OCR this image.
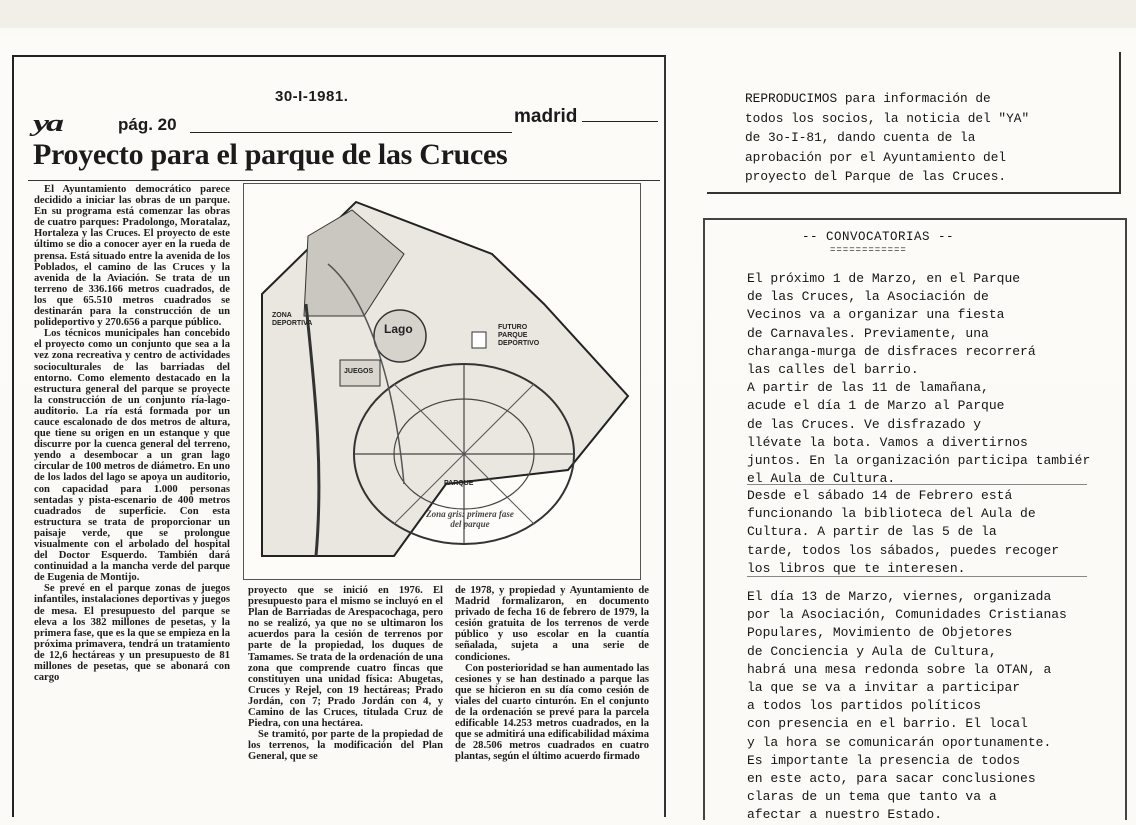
30-I-1981.
ya	pág. 20	madrid
Proyecto para el parque de las Cruces

El Ayuntamiento democrático parece decidido a iniciar las obras de un parque. En su programa está comenzar las obras de cuatro parques: Pradolongo, Moratalaz, Hortaleza y las Cruces. El proyecto de este último se dio a conocer ayer en la rueda de prensa. Está situado entre la avenida de los Poblados, el camino de las Cruces y la avenida de la Aviación. Se trata de un terreno de 336.166 metros cuadrados, de los que 65.510 metros cuadrados se destinarán para la construcción de un polideportivo y 270.656 a parque público.

Los técnicos municipales han concebido el proyecto como un conjunto que sea a la vez zona recreativa y centro de actividades socioculturales de las barriadas del entorno. Como elemento destacado en la estructura general del parque se proyecte la construcción de un conjunto ría-lago-auditorio. La ría está formada por un cauce escalonado de dos metros de altura, que tiene su origen en un estanque y que discurre por la cuenca general del terreno, yendo a desembocar a un gran lago circular de 100 metros de diámetro. En uno de los lados del lago se apoya un auditorio, con capacidad para 1.000 personas sentadas y pista-escenario de 400 metros cuadrados de superficie. Con esta estructura se trata de proporcionar un paisaje verde, que se prolongue visualmente con el arbolado del hospital del Doctor Esquerdo. También dará continuidad a la mancha verde del parque de Eugenia de Montijo.

Se prevé en el parque zonas de juegos infantiles, instalaciones deportivas y juegos de mesa. El presupuesto del parque se eleva a los 382 millones de pesetas, y la primera fase, que es la que se empieza en la próxima primavera, tendrá un tratamiento de 12,6 hectáreas y un presupuesto de 81 millones de pesetas, que se abonará con cargo

Lago
ZONA DEPORTIVA
JUEGOS
FUTURO PARQUE DEPORTIVO
PARQUE
Zona gris: primera fase del parque

proyecto que se inició en 1976. El presupuesto para el mismo se incluyó en el Plan de Barriadas de Arespacochaga, pero no se realizó, ya que no se ultimaron los acuerdos para la cesión de terrenos por parte de la propiedad, los duques de Tamames. Se trata de la ordenación de una zona que comprende cuatro fincas que constituyen una unidad física: Abugetas, Cruces y Rejel, con 19 hectáreas; Prado Jordán, con 7; Prado Jordán con 4, y Camino de las Cruces, titulada Cruz de Piedra, con una hectárea.

Se tramitó, por parte de la propiedad de los terrenos, la modificación del Plan General, que se

de 1978, y propiedad y Ayuntamiento de Madrid formalizaron, en documento privado de fecha 16 de febrero de 1979, la cesión gratuita de los terrenos de verde público y uso escolar en la cuantía señalada, sujeta a una serie de condiciones.

Con posterioridad se han aumentado las cesiones y se han destinado a parque las que se hicieron en su día como cesión de viales del cuarto cinturón. En el conjunto de la ordenación se prevé para la parcela edificable 14.253 metros cuadrados, en la que se admitirá una edificabilidad máxima de 28.506 metros cuadrados en cuatro plantas, según el último acuerdo firmado

REPRODUCIMOS para información de
todos los socios, la noticia del "YA"
de 3o-I-81, dando cuenta de la
aprobación por el Ayuntamiento del
proyecto del Parque de las Cruces.
-- CONVOCATORIAS --
============
El próximo 1 de Marzo, en el Parque
de las Cruces, la Asociación de
Vecinos va a organizar una fiesta
de Carnavales. Previamente, una
charanga-murga de disfraces recorrerá
las calles del barrio.
A partir de las 11 de lamañana,
acude el día 1 de Marzo al Parque
de las Cruces. Ve disfrazado y
llévate la bota. Vamos a divertirnos
juntos. En la organización participa tambiér
el Aula de Cultura.
Desde el sábado 14 de Febrero está
funcionando la biblioteca del Aula de
Cultura. A partir de las 5 de la
tarde, todos los sábados, puedes recoger
los libros que te interesen.
El día 13 de Marzo, viernes, organizada
por la Asociación, Comunidades Cristianas
Populares, Movimiento de Objetores
de Conciencia y Aula de Cultura,
habrá una mesa redonda sobre la OTAN, a
la que se va a invitar a participar
a todos los partidos políticos
con presencia en el barrio. El local
y la hora se comunicarán oportunamente.
Es importante la presencia de todos
en este acto, para sacar conclusiones
claras de un tema que tanto va a
afectar a nuestro Estado.
